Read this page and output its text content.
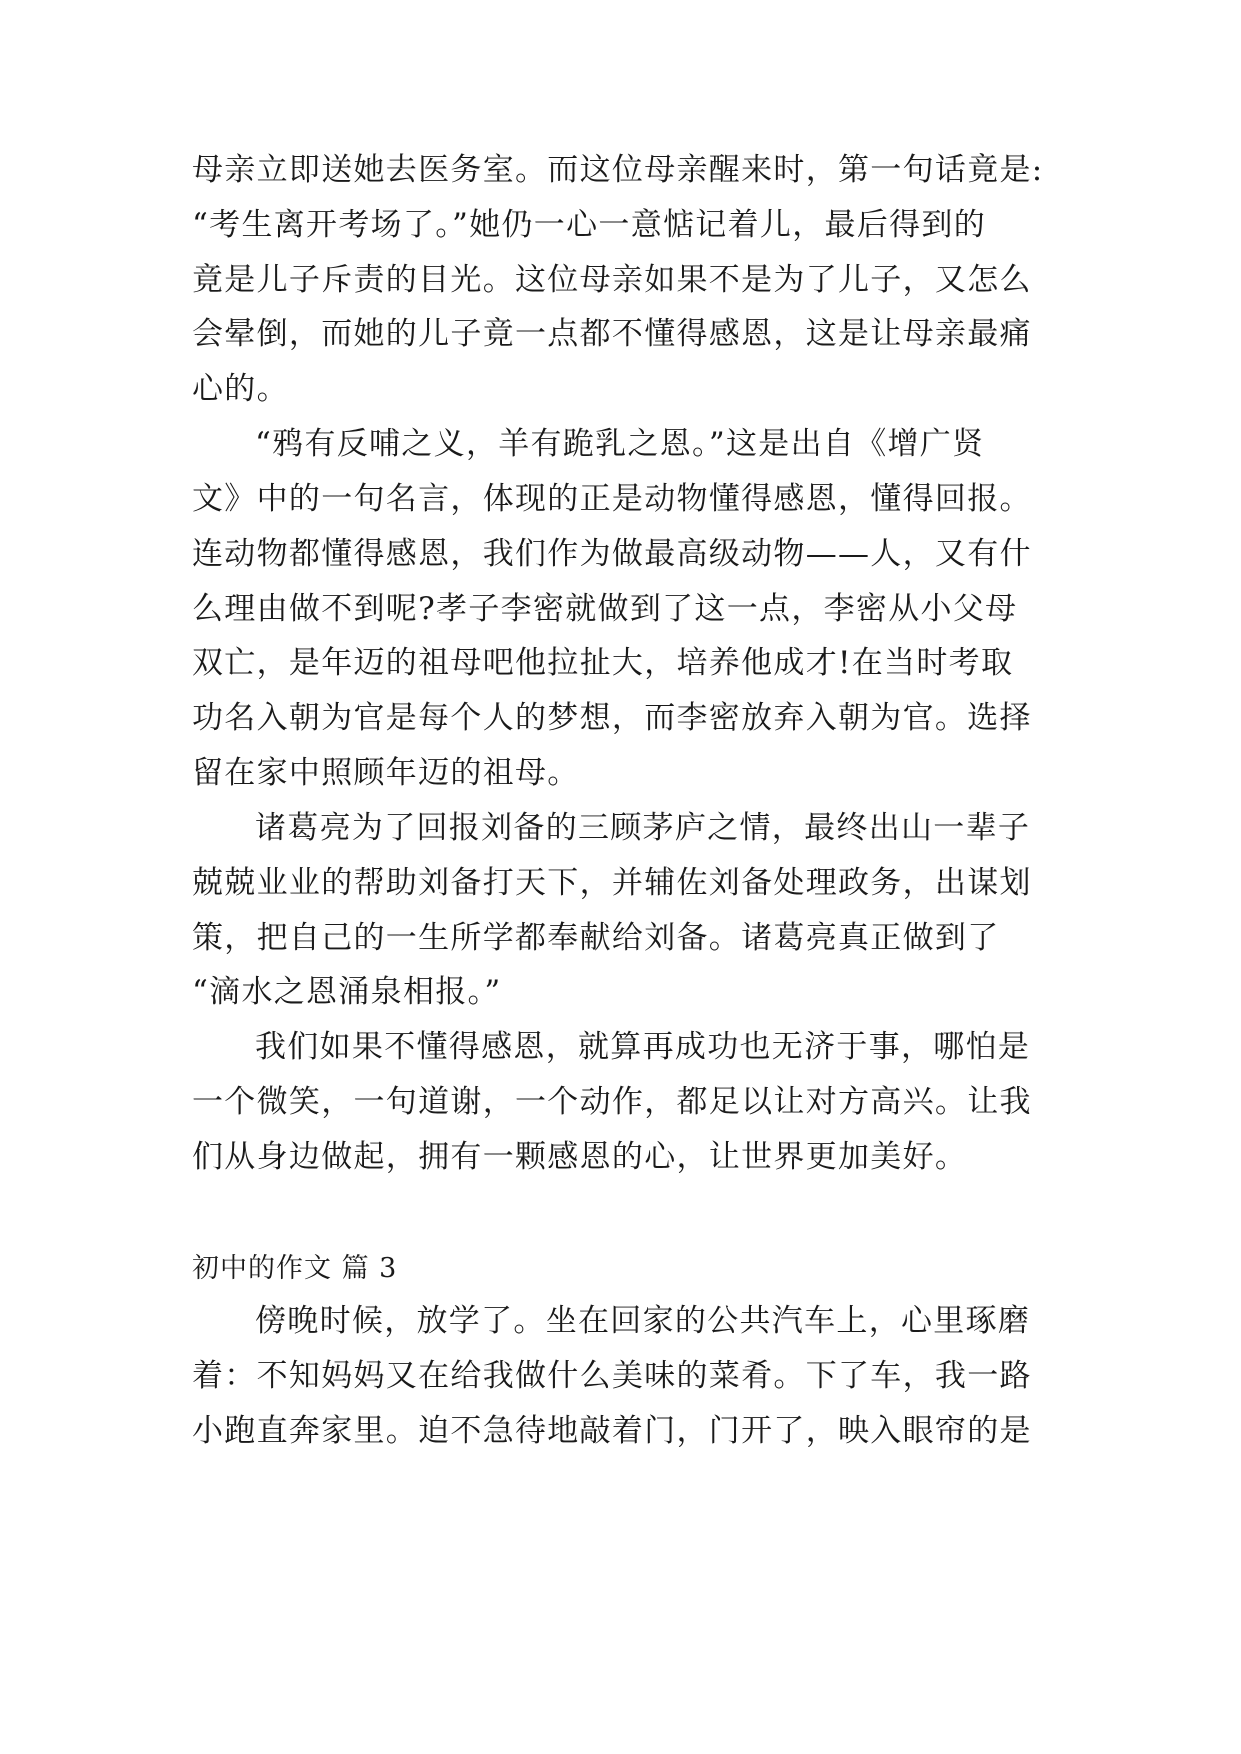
母亲立即送她去医务室。而这位母亲醒来时，第一句话竟是:
“考生离开考场了。”她仍一心一意惦记着儿，最后得到的
竟是儿子斥责的目光。这位母亲如果不是为了儿子，又怎么
会晕倒，而她的儿子竟一点都不懂得感恩，这是让母亲最痛
心的。
“鸦有反哺之义，羊有跪乳之恩。”这是出自《增广贤
文》中的一句名言，体现的正是动物懂得感恩，懂得回报。
连动物都懂得感恩，我们作为做最高级动物——人，又有什
么理由做不到呢?孝子李密就做到了这一点，李密从小父母
双亡，是年迈的祖母吧他拉扯大，培养他成才!在当时考取
功名入朝为官是每个人的梦想，而李密放弃入朝为官。选择
留在家中照顾年迈的祖母。
诸葛亮为了回报刘备的三顾茅庐之情，最终出山一辈子
兢兢业业的帮助刘备打天下，并辅佐刘备处理政务，出谋划
策，把自己的一生所学都奉献给刘备。诸葛亮真正做到了
“滴水之恩涌泉相报。”
我们如果不懂得感恩，就算再成功也无济于事，哪怕是
一个微笑，一句道谢，一个动作，都足以让对方高兴。让我
们从身边做起，拥有一颗感恩的心，让世界更加美好。
初中的作文 篇 3
傍晚时候，放学了。坐在回家的公共汽车上，心里琢磨
着：不知妈妈又在给我做什么美味的菜肴。下了车，我一路
小跑直奔家里。迫不急待地敲着门，门开了，映入眼帘的是
